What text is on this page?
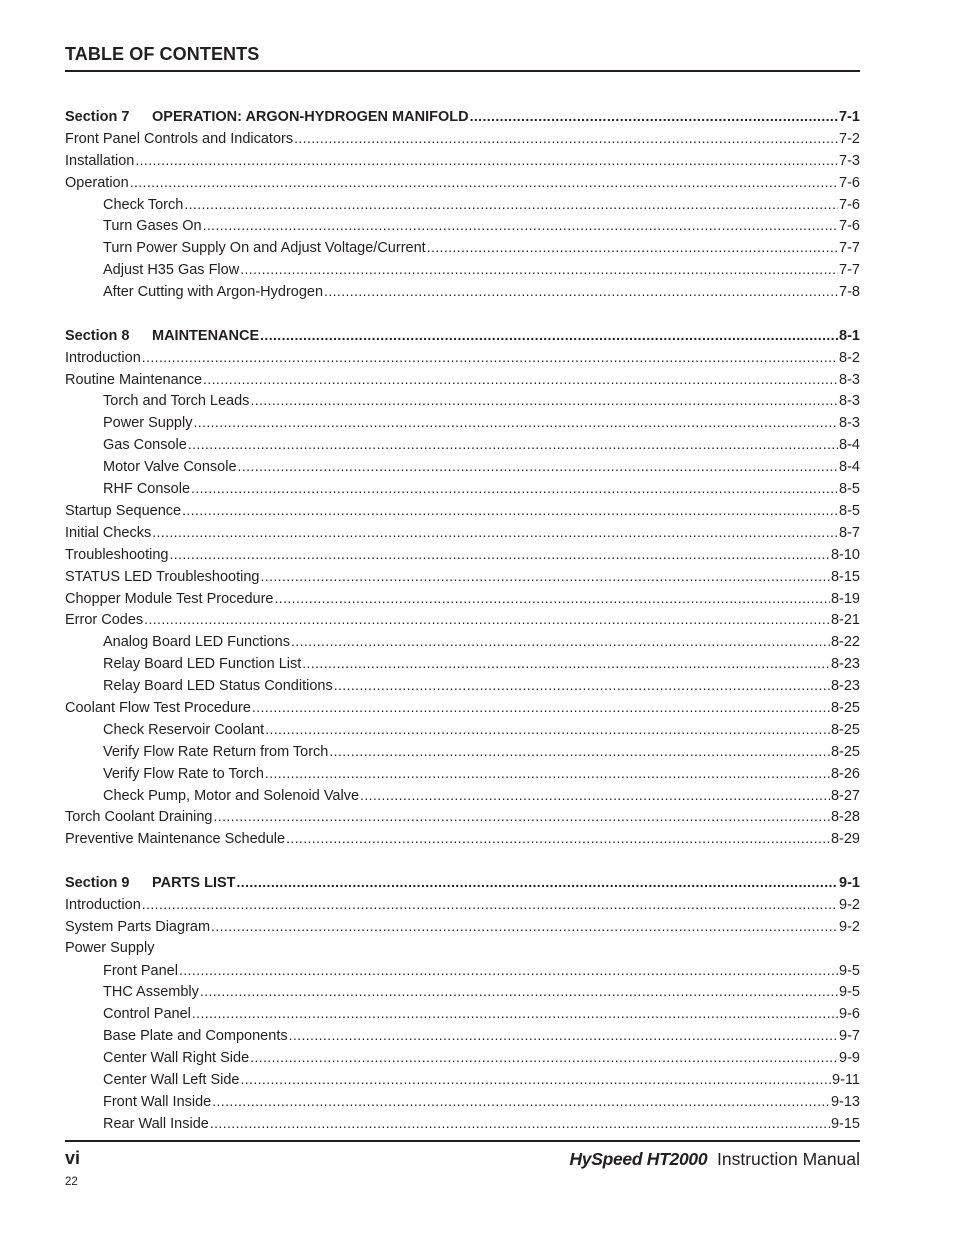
TABLE OF CONTENTS
Section 7 OPERATION: ARGON-HYDROGEN MANIFOLD .....	7-1
Front Panel Controls and Indicators .....	7-2
Installation .....	7-3
Operation .....	7-6
Check Torch .....	7-6
Turn Gases On .....	7-6
Turn Power Supply On and Adjust Voltage/Current .....	7-7
Adjust H35 Gas Flow .....	7-7
After Cutting with Argon-Hydrogen .....	7-8
Section 8 MAINTENANCE .....	8-1
Introduction .....	8-2
Routine Maintenance .....	8-3
Torch and Torch Leads .....	8-3
Power Supply .....	8-3
Gas Console .....	8-4
Motor Valve Console .....	8-4
RHF Console .....	8-5
Startup Sequence .....	8-5
Initial Checks .....	8-7
Troubleshooting .....	8-10
STATUS LED Troubleshooting .....	8-15
Chopper Module Test Procedure .....	8-19
Error Codes .....	8-21
Analog Board LED Functions .....	8-22
Relay Board LED Function List .....	8-23
Relay Board LED Status Conditions .....	8-23
Coolant Flow Test Procedure .....	8-25
Check Reservoir Coolant .....	8-25
Verify Flow Rate Return from Torch .....	8-25
Verify Flow Rate to Torch .....	8-26
Check Pump, Motor and Solenoid Valve .....	8-27
Torch Coolant Draining .....	8-28
Preventive Maintenance Schedule .....	8-29
Section 9 PARTS LIST .....	9-1
Introduction .....	9-2
System Parts Diagram .....	9-2
Power Supply
Front Panel .....	9-5
THC Assembly .....	9-5
Control Panel .....	9-6
Base Plate and Components .....	9-7
Center Wall Right Side .....	9-9
Center Wall Left Side .....	9-11
Front Wall Inside .....	9-13
Rear Wall Inside .....	9-15
vi	HySpeed HT2000 Instruction Manual
22
